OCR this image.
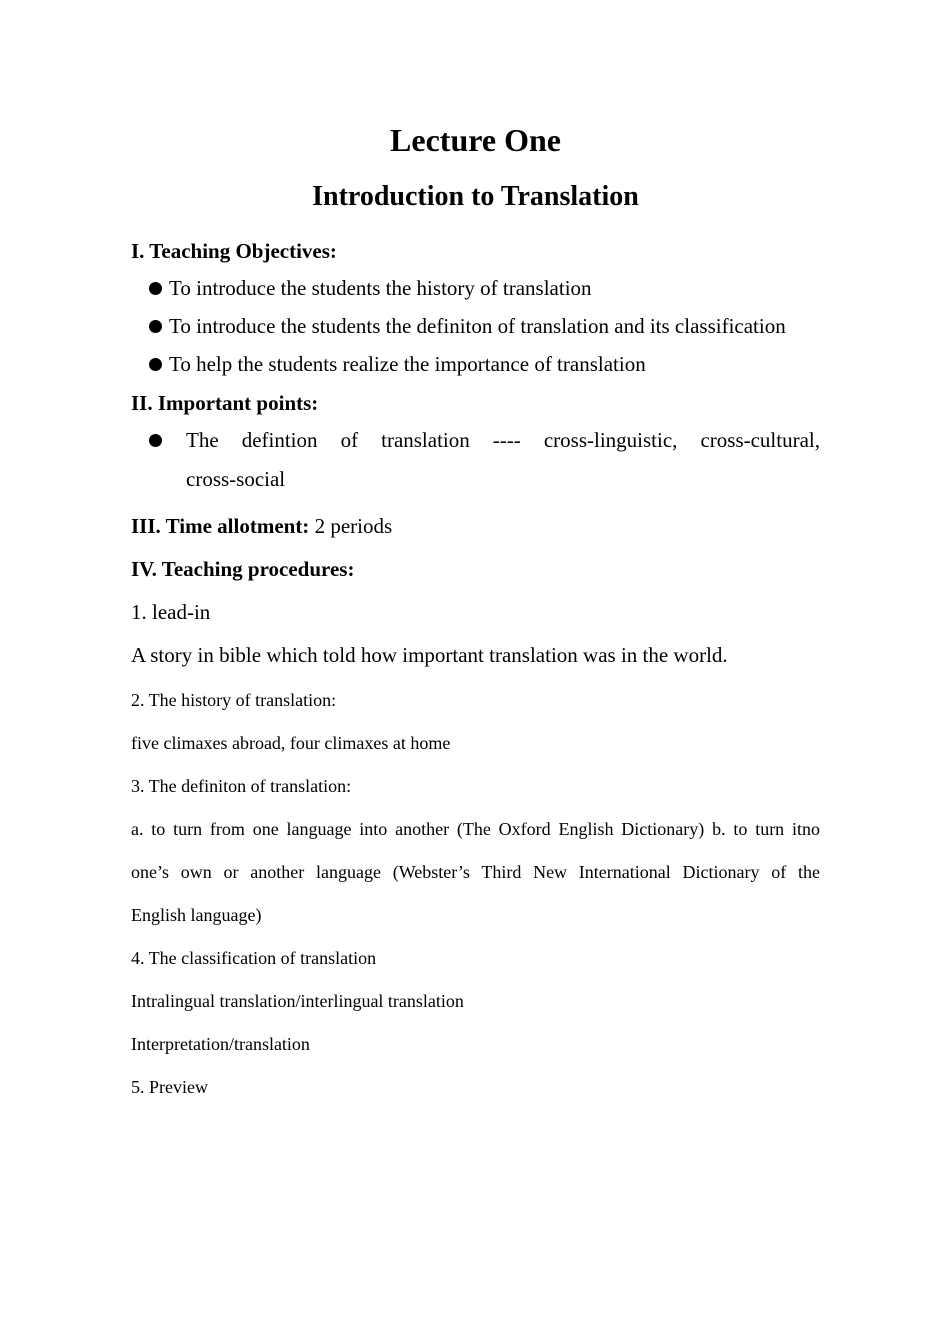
Lecture One
Introduction to Translation
I. Teaching Objectives:
To introduce the students the history of translation
To introduce the students the definiton of translation and its classification
To help the students realize the importance of translation
II. Important points:
The defintion of translation ---- cross-linguistic, cross-cultural,
cross-social
III. Time allotment: 2 periods
IV. Teaching procedures:
1. lead-in
A story in bible which told how important translation was in the world.
2. The history of translation:
five climaxes abroad, four climaxes at home
3. The definiton of translation:
a. to turn from one language into another (The Oxford English Dictionary) b. to turn itno
one’s own or another language (Webster’s Third New International Dictionary of the
English language)
4. The classification of translation
Intralingual translation/interlingual translation
Interpretation/translation
5. Preview
